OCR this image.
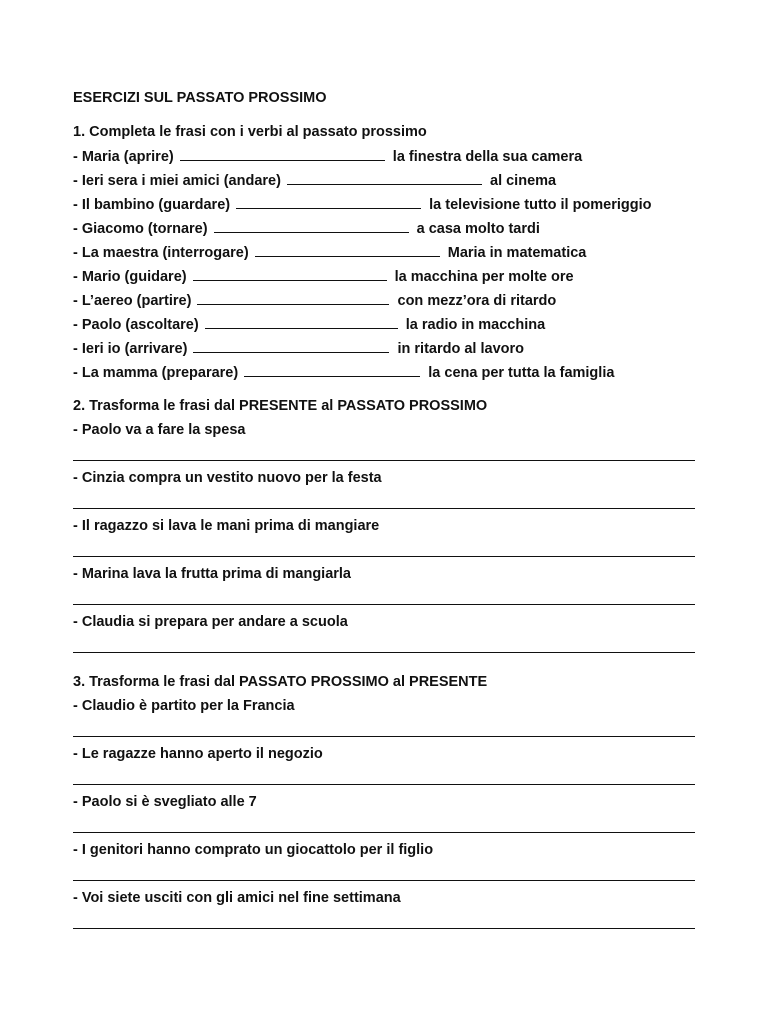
ESERCIZI SUL PASSATO PROSSIMO
1. Completa le frasi con i verbi al passato prossimo
- Maria (aprire)	la finestra della sua camera
- Ieri sera i miei amici (andare)	al cinema
- Il bambino (guardare)	la televisione tutto il pomeriggio
- Giacomo (tornare)	a casa molto tardi
- La maestra (interrogare)	Maria in matematica
- Mario (guidare)	la macchina per molte ore
- L’aereo (partire)	con mezz’ora di ritardo
- Paolo (ascoltare)	la radio in macchina
- Ieri io (arrivare)	in ritardo al lavoro
- La mamma (preparare)	la cena per tutta la famiglia
2. Trasforma le frasi dal PRESENTE al PASSATO PROSSIMO
- Paolo va a fare la spesa
- Cinzia compra un vestito nuovo per la festa
- Il ragazzo si lava le mani prima di mangiare
- Marina lava la frutta prima di mangiarla
- Claudia si prepara per andare a scuola
3. Trasforma le frasi dal PASSATO PROSSIMO al PRESENTE
- Claudio è partito per la Francia
- Le ragazze hanno aperto il negozio
- Paolo si è svegliato alle 7
- I genitori hanno comprato un giocattolo per il figlio
- Voi siete usciti con gli amici nel fine settimana
